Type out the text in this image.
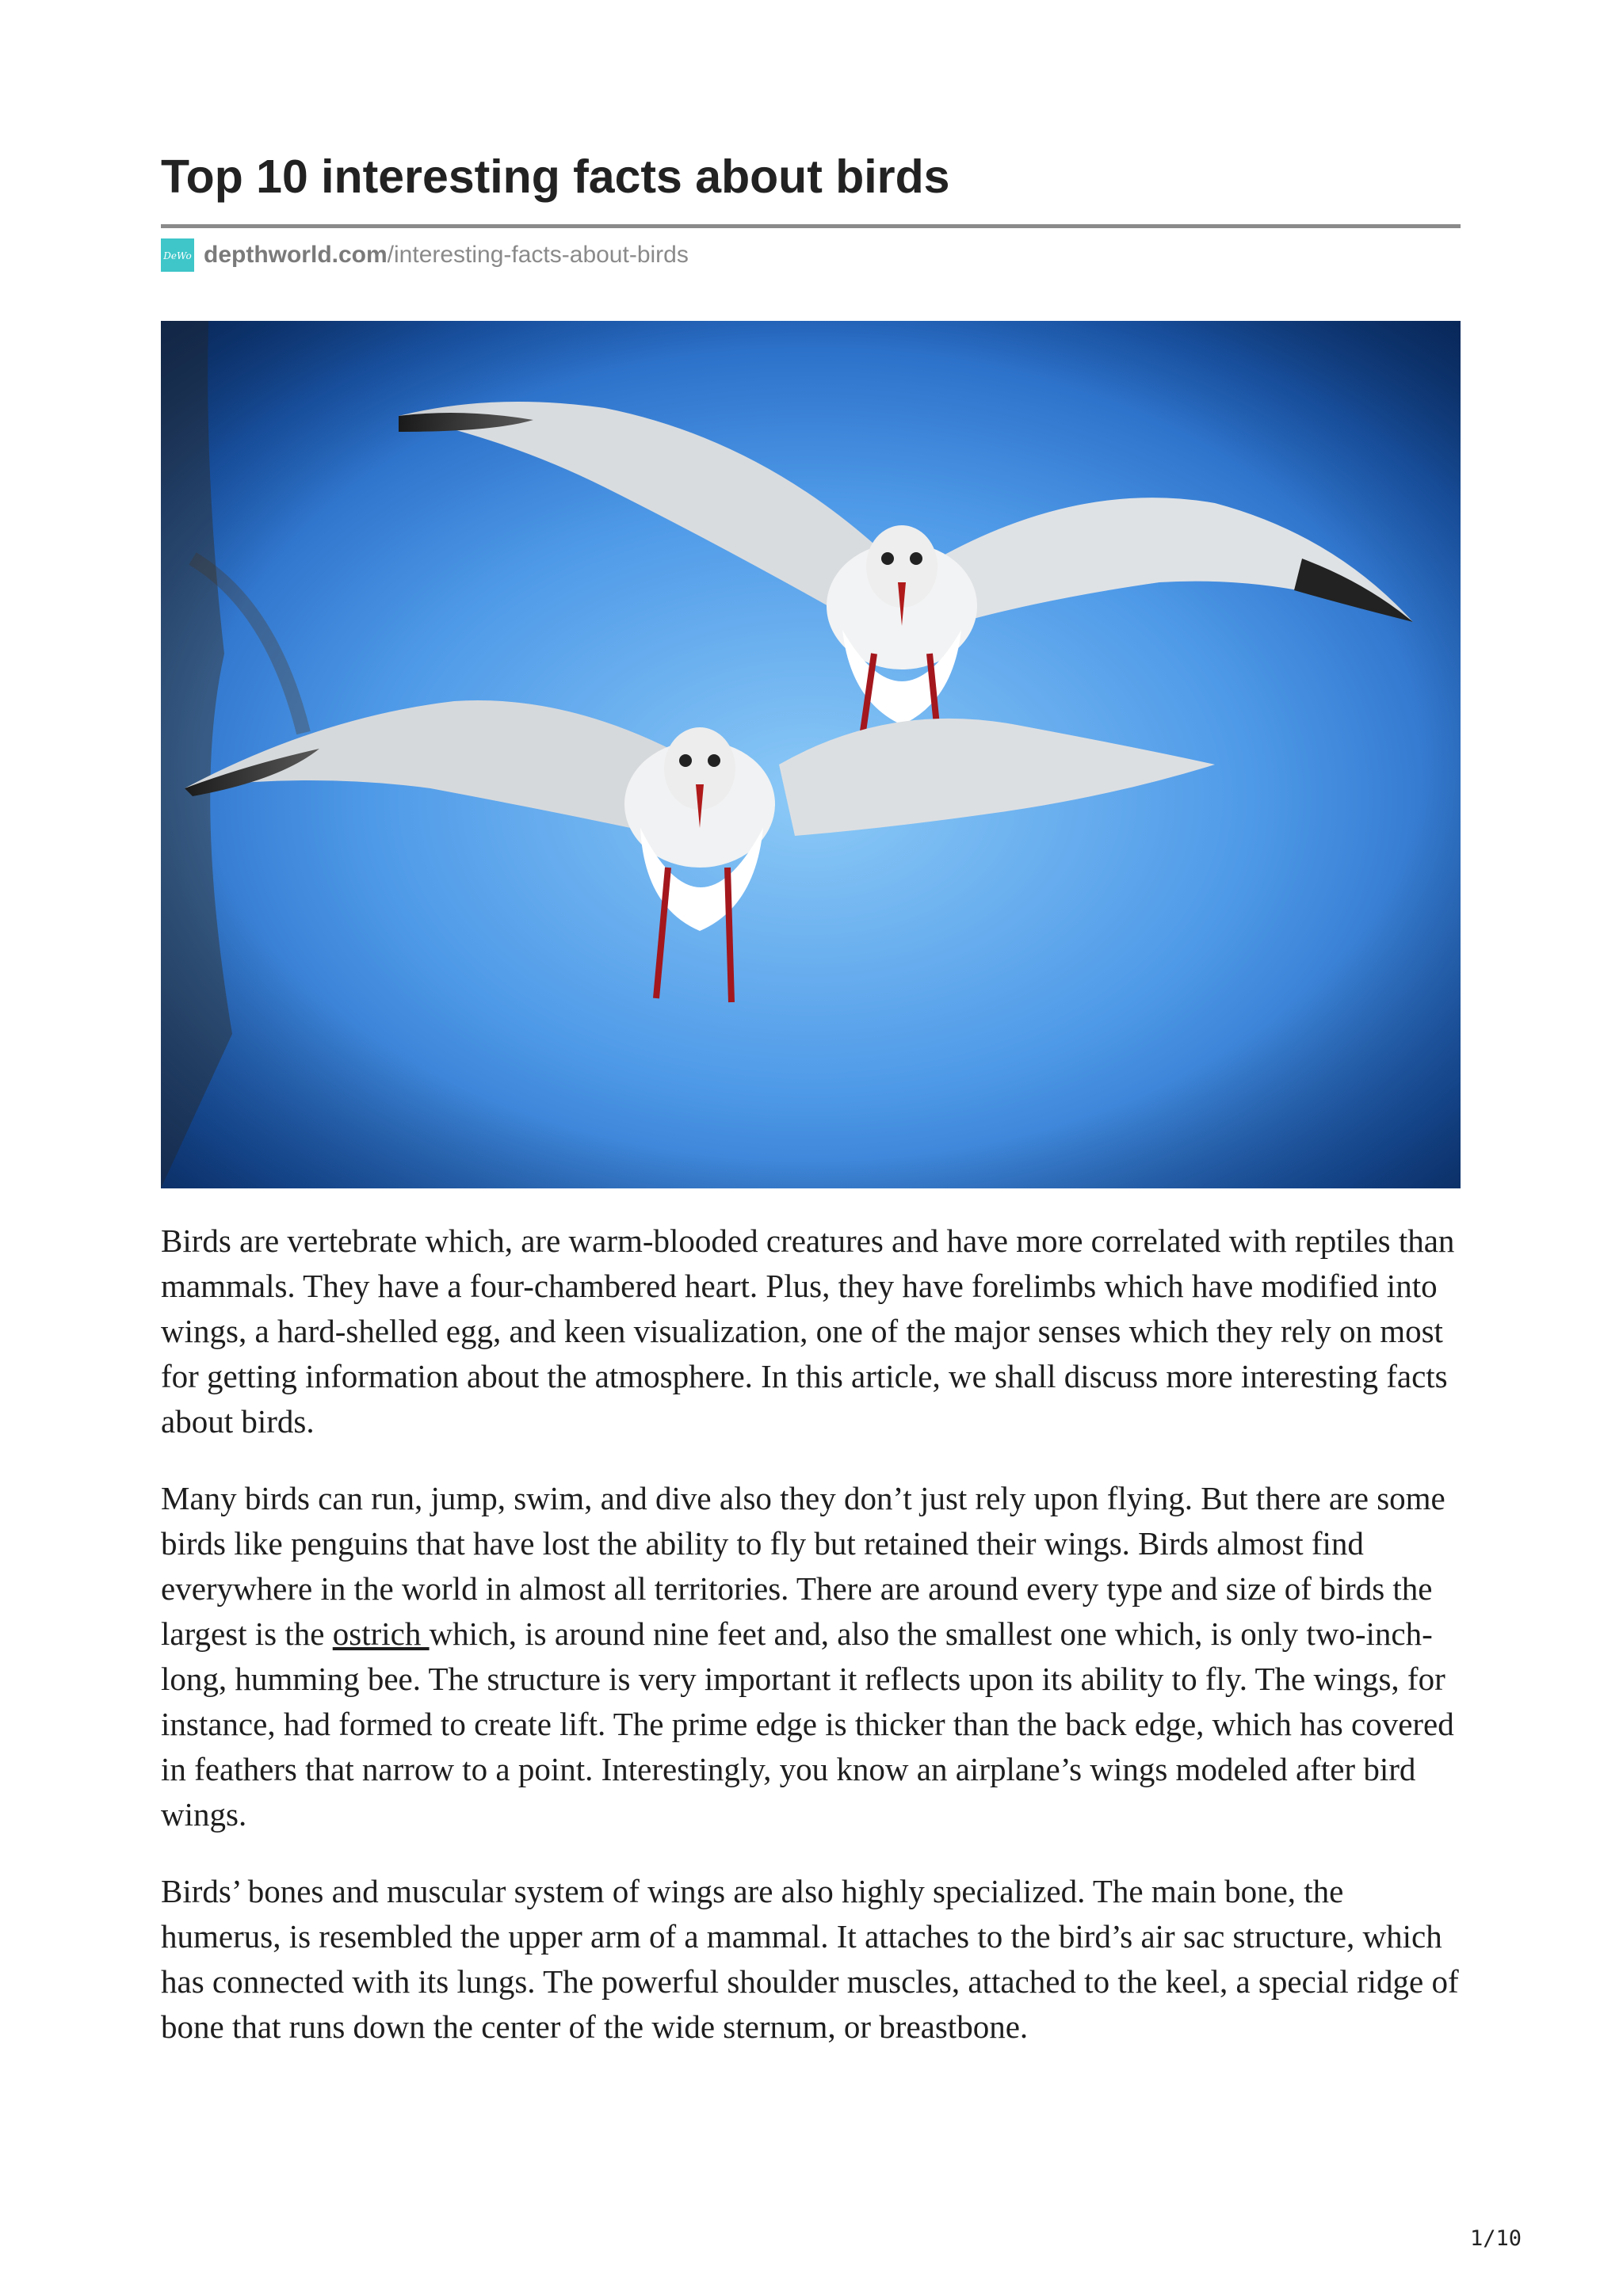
Top 10 interesting facts about birds
DeWo depthworld.com /interesting-facts-about-birds

Birds are vertebrate which, are warm-blooded creatures and have more correlated with reptiles than mammals. They have a four-chambered heart. Plus, they have forelimbs which have modified into wings, a hard-shelled egg, and keen visualization, one of the major senses which they rely on most for getting information about the atmosphere. In this article, we shall discuss more interesting facts about birds.

Many birds can run, jump, swim, and dive also they don’t just rely upon flying. But there are some birds like penguins that have lost the ability to fly but retained their wings. Birds almost find everywhere in the world in almost all territories. There are around every type and size of birds the largest is the ostrich which, is around nine feet and, also the smallest one which, is only two-inch-long, humming bee. The structure is very important it reflects upon its ability to fly. The wings, for instance, had formed to create lift. The prime edge is thicker than the back edge, which has covered in feathers that narrow to a point. Interestingly, you know an airplane’s wings modeled after bird wings.

Birds’ bones and muscular system of wings are also highly specialized. The main bone, the humerus, is resembled the upper arm of a mammal. It attaches to the bird’s air sac structure, which has connected with its lungs. The powerful shoulder muscles, attached to the keel, a special ridge of bone that runs down the center of the wide sternum, or breastbone.

1/10
